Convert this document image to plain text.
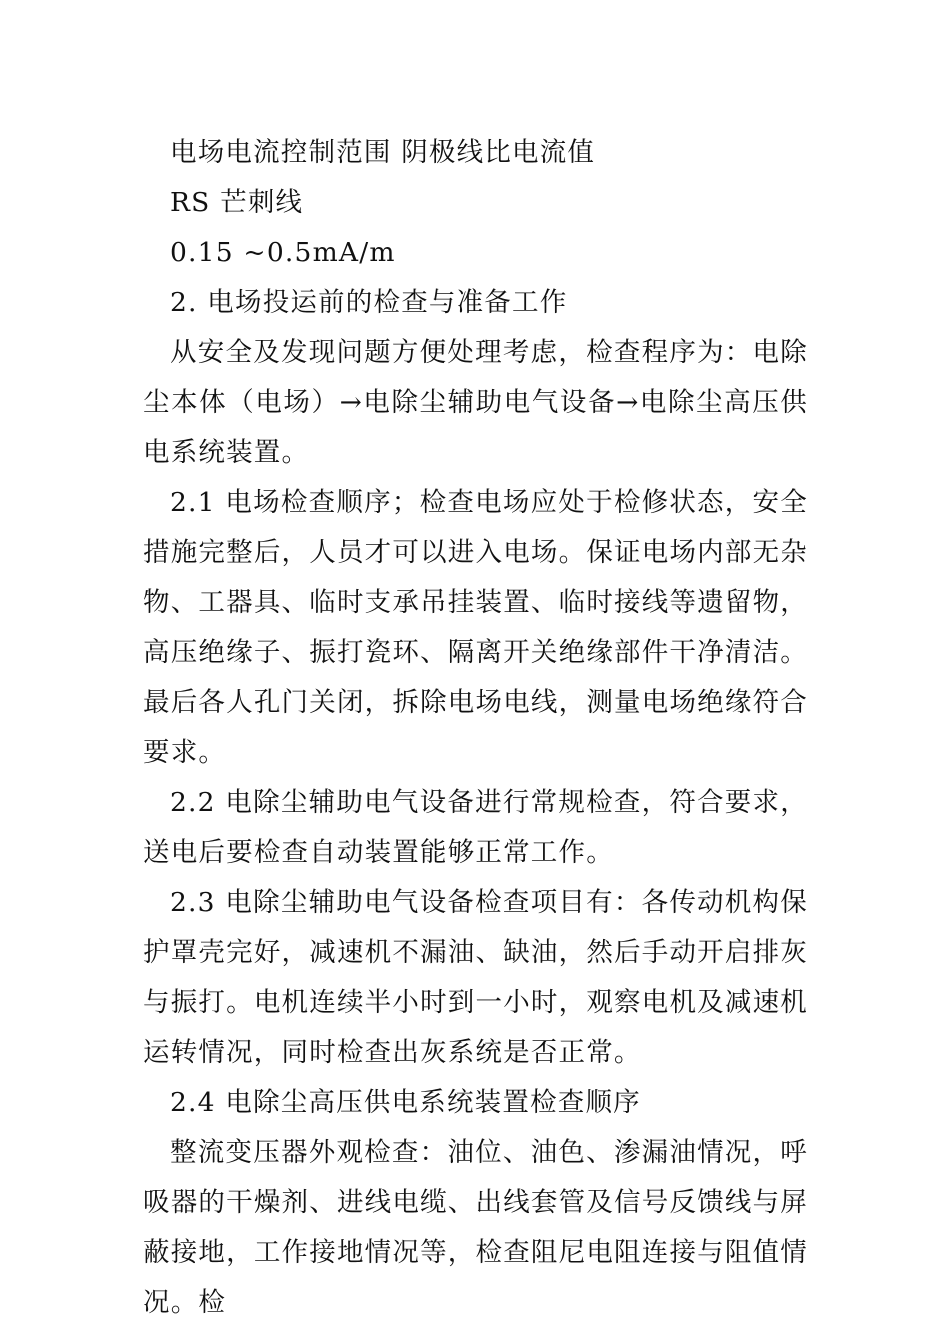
电场电流控制范围 阴极线比电流值

RS 芒刺线

0.15 ~0.5mA/m

2. 电场投运前的检查与准备工作

从安全及发现问题方便处理考虑，检查程序为：电除尘本体（电场）→电除尘辅助电气设备→电除尘高压供电系统装置。

2.1 电场检查顺序；检查电场应处于检修状态，安全措施完整后，人员才可以进入电场。保证电场内部无杂物、工器具、临时支承吊挂装置、临时接线等遗留物，高压绝缘子、振打瓷环、隔离开关绝缘部件干净清洁。最后各人孔门关闭，拆除电场电线，测量电场绝缘符合要求。

2.2 电除尘辅助电气设备进行常规检查，符合要求，送电后要检查自动装置能够正常工作。

2.3 电除尘辅助电气设备检查项目有：各传动机构保护罩壳完好，减速机不漏油、缺油，然后手动开启排灰与振打。电机连续半小时到一小时，观察电机及减速机运转情况，同时检查出灰系统是否正常。

2.4 电除尘高压供电系统装置检查顺序

整流变压器外观检查：油位、油色、渗漏油情况，呼吸器的干燥剂、进线电缆、出线套管及信号反馈线与屏蔽接地，工作接地情况等，检查阻尼电阻连接与阻值情况。检
